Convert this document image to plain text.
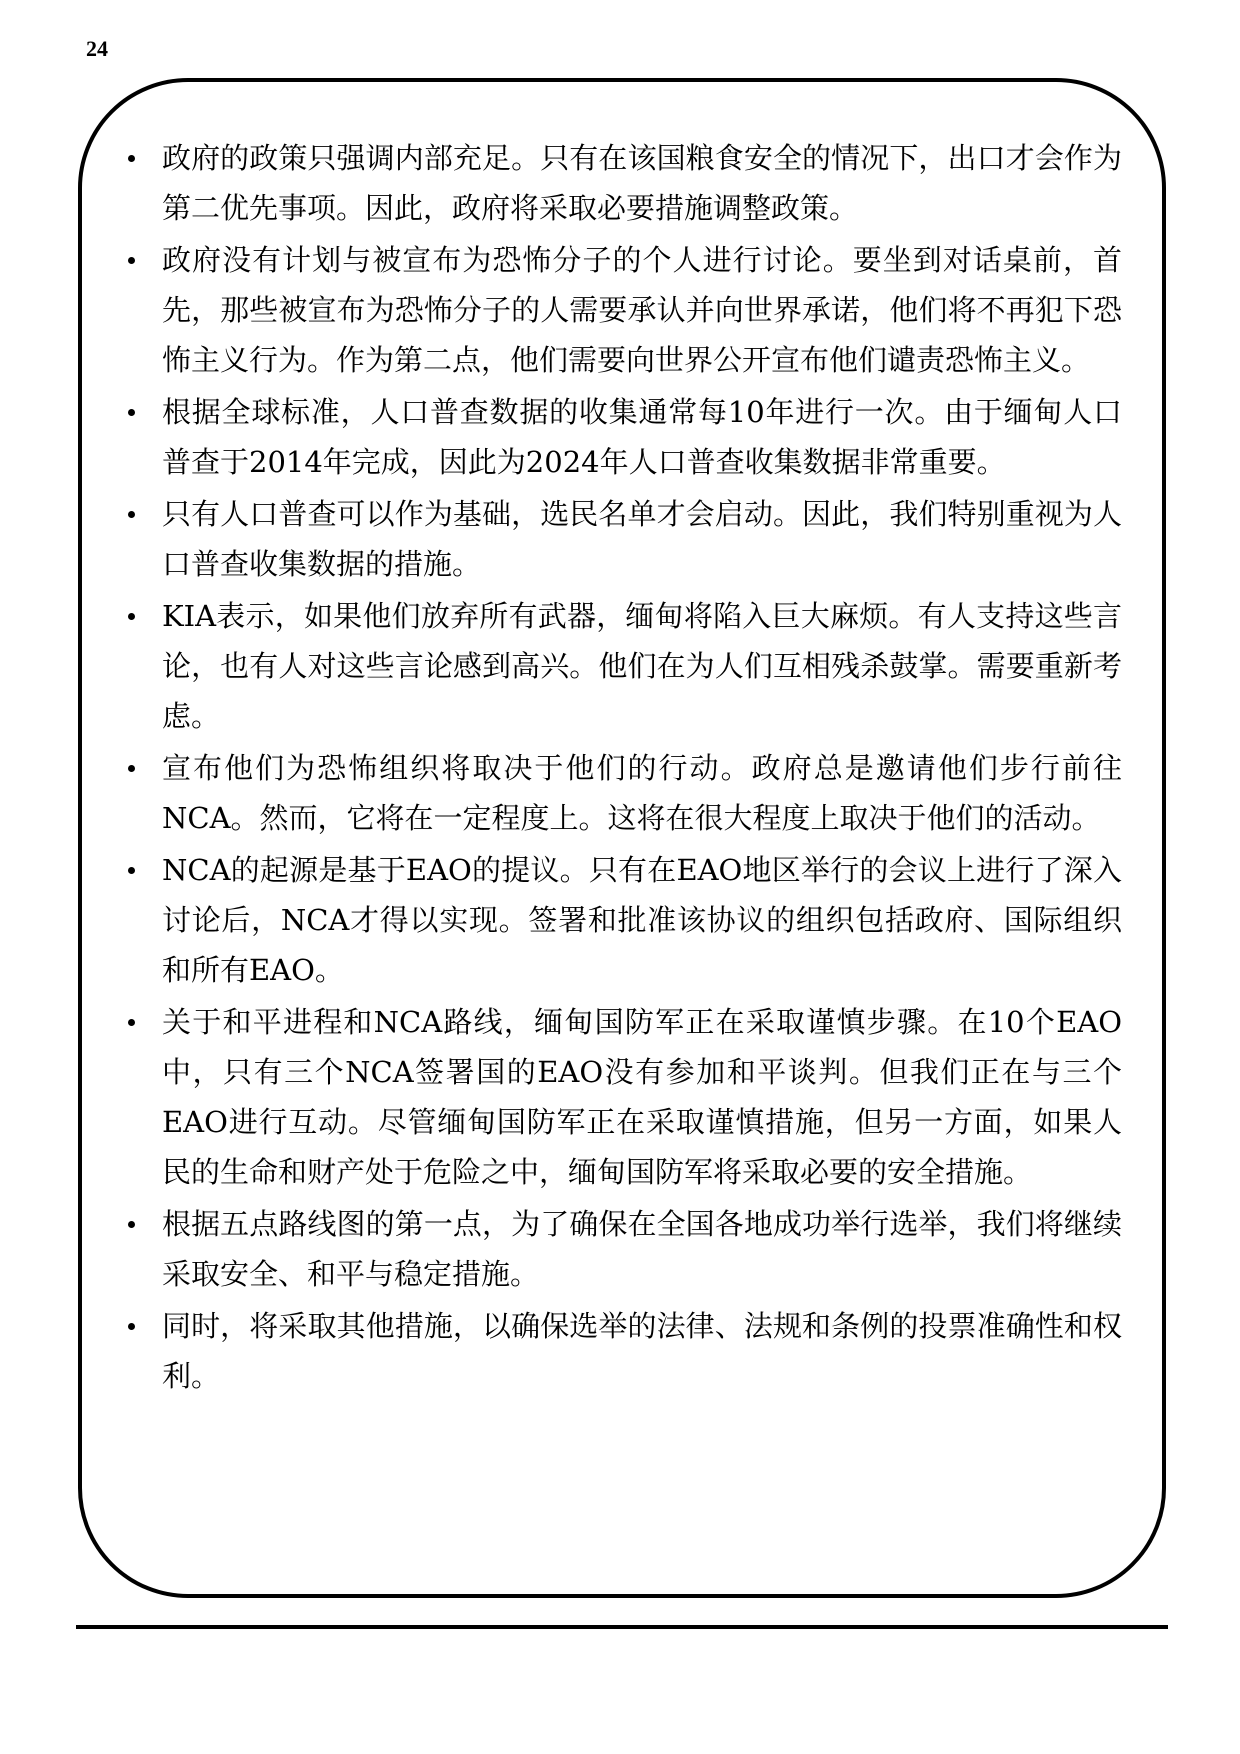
24
政府的政策只强调内部充足。只有在该国粮食安全的情况下，出口才会作为第二优先事项。因此，政府将采取必要措施调整政策。
政府没有计划与被宣布为恐怖分子的个人进行讨论。要坐到对话桌前，首先，那些被宣布为恐怖分子的人需要承认并向世界承诺，他们将不再犯下恐怖主义行为。作为第二点，他们需要向世界公开宣布他们谴责恐怖主义。
根据全球标准，人口普查数据的收集通常每10年进行一次。由于缅甸人口普查于2014年完成，因此为2024年人口普查收集数据非常重要。
只有人口普查可以作为基础，选民名单才会启动。因此，我们特别重视为人口普查收集数据的措施。
KIA表示，如果他们放弃所有武器，缅甸将陷入巨大麻烦。有人支持这些言论，也有人对这些言论感到高兴。他们在为人们互相残杀鼓掌。需要重新考虑。
宣布他们为恐怖组织将取决于他们的行动。政府总是邀请他们步行前往NCA。然而，它将在一定程度上。这将在很大程度上取决于他们的活动。
NCA的起源是基于EAO的提议。只有在EAO地区举行的会议上进行了深入讨论后，NCA才得以实现。签署和批准该协议的组织包括政府、国际组织和所有EAO。
关于和平进程和NCA路线，缅甸国防军正在采取谨慎步骤。在10个EAO中，只有三个NCA签署国的EAO没有参加和平谈判。但我们正在与三个EAO进行互动。尽管缅甸国防军正在采取谨慎措施，但另一方面，如果人民的生命和财产处于危险之中，缅甸国防军将采取必要的安全措施。
根据五点路线图的第一点，为了确保在全国各地成功举行选举，我们将继续采取安全、和平与稳定措施。
同时，将采取其他措施，以确保选举的法律、法规和条例的投票准确性和权利。
